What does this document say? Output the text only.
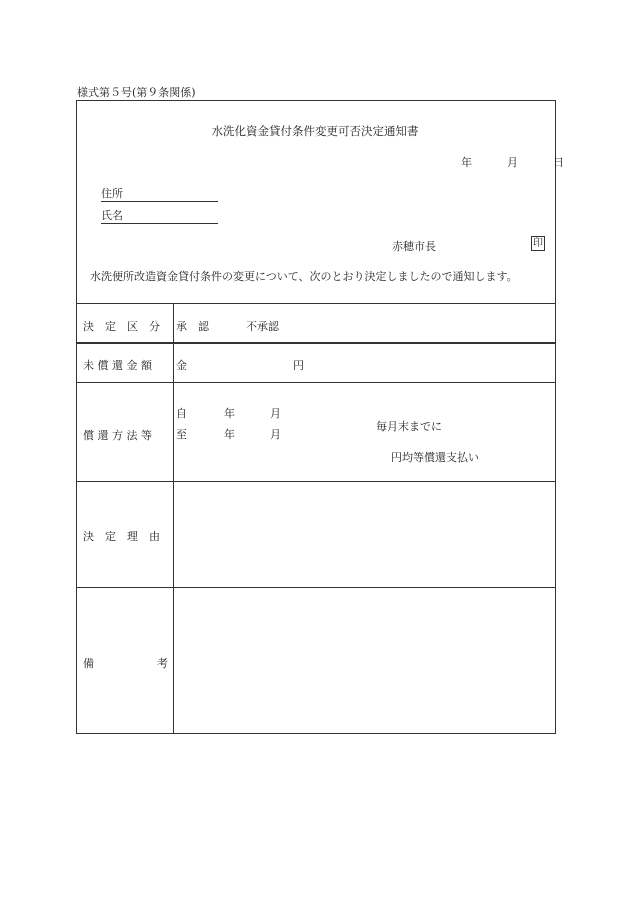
様式第５号(第９条関係)
水洗化資金貸付条件変更可否決定通知書
年	月	日
住所
氏名
赤穂市長	印
水洗便所改造資金貸付条件の変更について、次のとおり決定しましたので通知します。
決　定　区　分 承　認	不承認
未 償 還 金 額 金	円
償 還 方 法 等
自	年	月
至	年	月
毎月末までに
円均等償還支払い
決　定　理　由
備	考
